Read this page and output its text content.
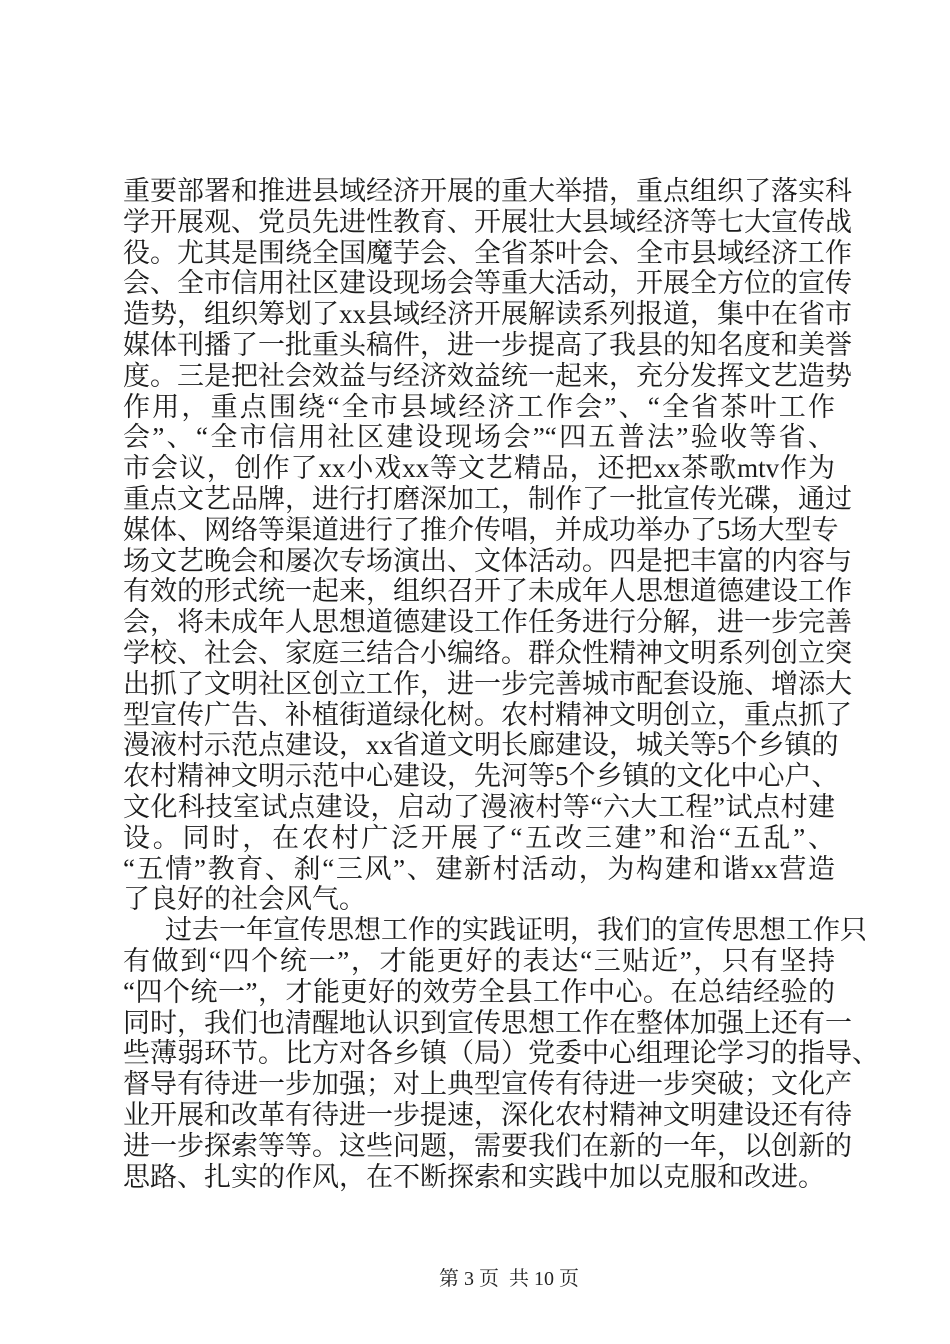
重要部署和推进县域经济开展的重大举措，重点组织了落实科
学开展观、党员先进性教育、开展壮大县域经济等七大宣传战
役。尤其是围绕全国魔芋会、全省茶叶会、全市县域经济工作
会、全市信用社区建设现场会等重大活动，开展全方位的宣传
造势，组织筹划了xx县域经济开展解读系列报道，集中在省市
媒体刊播了一批重头稿件，进一步提高了我县的知名度和美誉
度。三是把社会效益与经济效益统一起来，充分发挥文艺造势
作用，重点围绕“全市县域经济工作会”、“全省茶叶工作
会”、“全市信用社区建设现场会”“四五普法”验收等省、
市会议，创作了xx小戏xx等文艺精品，还把xx茶歌mtv作为
重点文艺品牌，进行打磨深加工，制作了一批宣传光碟，通过
媒体、网络等渠道进行了推介传唱，并成功举办了5场大型专
场文艺晚会和屡次专场演出、文体活动。四是把丰富的内容与
有效的形式统一起来，组织召开了未成年人思想道德建设工作
会，将未成年人思想道德建设工作任务进行分解，进一步完善
学校、社会、家庭三结合小编络。群众性精神文明系列创立突
出抓了文明社区创立工作，进一步完善城市配套设施、增添大
型宣传广告、补植街道绿化树。农村精神文明创立，重点抓了
漫液村示范点建设，xx省道文明长廊建设，城关等5个乡镇的
农村精神文明示范中心建设，先河等5个乡镇的文化中心户、
文化科技室试点建设，启动了漫液村等“六大工程”试点村建
设。同时，在农村广泛开展了“五改三建”和治“五乱”、
“五情”教育、刹“三风”、建新村活动，为构建和谐xx营造
了良好的社会风气。
过去一年宣传思想工作的实践证明，我们的宣传思想工作只
有做到“四个统一”，才能更好的表达“三贴近”，只有坚持
“四个统一”，才能更好的效劳全县工作中心。在总结经验的
同时，我们也清醒地认识到宣传思想工作在整体加强上还有一
些薄弱环节。比方对各乡镇（局）党委中心组理论学习的指导、
督导有待进一步加强；对上典型宣传有待进一步突破；文化产
业开展和改革有待进一步提速，深化农村精神文明建设还有待
进一步探索等等。这些问题，需要我们在新的一年，以创新的
思路、扎实的作风，在不断探索和实践中加以克服和改进。

第 3 页  共 10 页
